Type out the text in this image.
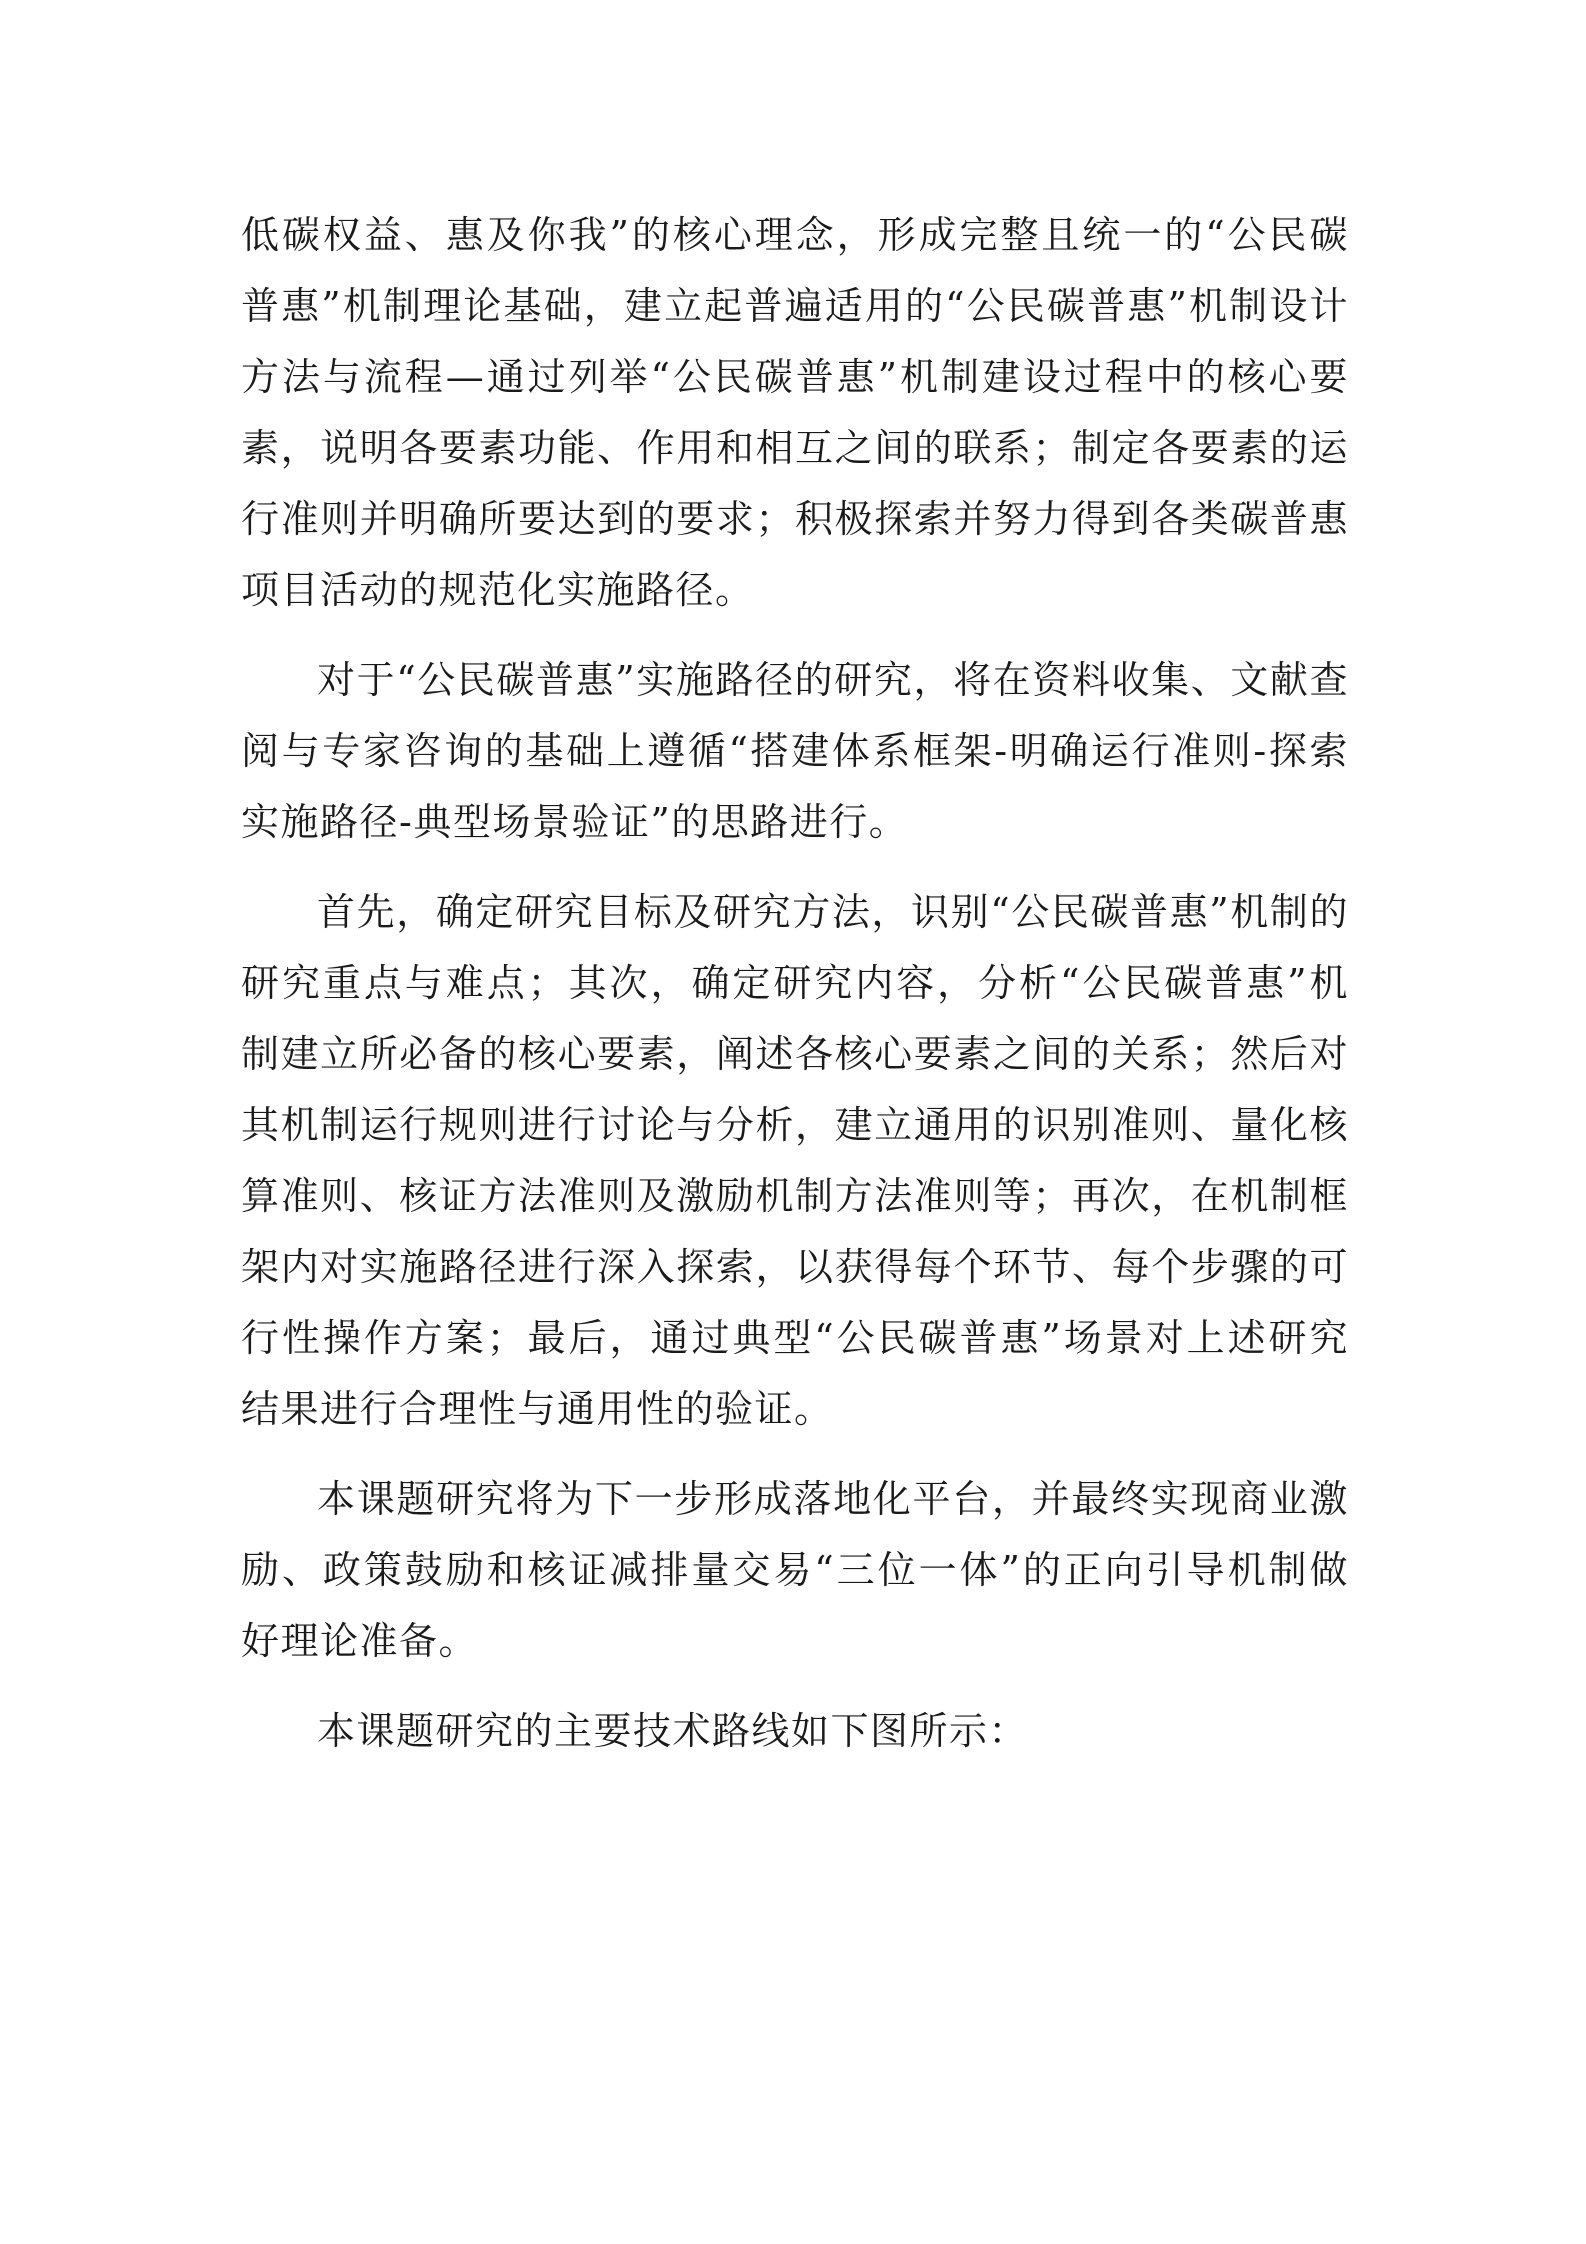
低碳权益、惠及你我”的核心理念，形成完整且统一的“公民碳普惠”机制理论基础，建立起普遍适用的“公民碳普惠”机制设计方法与流程—通过列举“公民碳普惠”机制建设过程中的核心要素，说明各要素功能、作用和相互之间的联系；制定各要素的运行准则并明确所要达到的要求；积极探索并努力得到各类碳普惠项目活动的规范化实施路径。

对于“公民碳普惠”实施路径的研究，将在资料收集、文献查阅与专家咨询的基础上遵循“搭建体系框架-明确运行准则-探索实施路径-典型场景验证”的思路进行。

首先，确定研究目标及研究方法，识别“公民碳普惠”机制的研究重点与难点；其次，确定研究内容，分析“公民碳普惠”机制建立所必备的核心要素，阐述各核心要素之间的关系；然后对其机制运行规则进行讨论与分析，建立通用的识别准则、量化核算准则、核证方法准则及激励机制方法准则等；再次，在机制框架内对实施路径进行深入探索，以获得每个环节、每个步骤的可行性操作方案；最后，通过典型“公民碳普惠”场景对上述研究结果进行合理性与通用性的验证。

本课题研究将为下一步形成落地化平台，并最终实现商业激励、政策鼓励和核证减排量交易“三位一体”的正向引导机制做好理论准备。

本课题研究的主要技术路线如下图所示：
